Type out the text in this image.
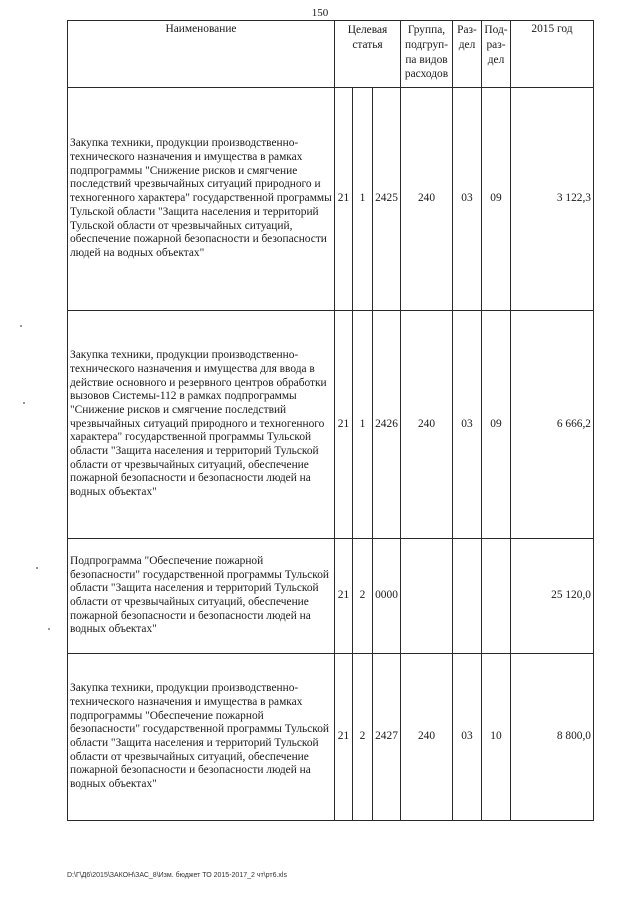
150
Наименование	Целевая статья			Группа, подгруп-па видов расходов	Раз-дел	Под-раз-дел	2015 год
Закупка техники, продукции производственно-технического назначения и имущества в рамках подпрограммы "Снижение рисков и смягчение последствий чрезвычайных ситуаций природного и техногенного характера" государственной программы Тульской области "Защита населения и территорий Тульской области от чрезвычайных ситуаций, обеспечение пожарной безопасности и безопасности людей на водных объектах"	21	1	2425	240	03	09	3 122,3
Закупка техники, продукции производственно-технического назначения и имущества для ввода в действие основного и резервного центров обработки вызовов Системы-112 в рамках подпрограммы "Снижение рисков и смягчение последствий чрезвычайных ситуаций природного и техногенного характера" государственной программы Тульской области "Защита населения и территорий Тульской области от чрезвычайных ситуаций, обеспечение пожарной безопасности и безопасности людей на водных объектах"	21	1	2426	240	03	09	6 666,2
Подпрограмма "Обеспечение пожарной безопасности" государственной программы Тульской области "Защита населения и территорий Тульской области от чрезвычайных ситуаций, обеспечение пожарной безопасности и безопасности людей на водных объектах"	21	2	0000				25 120,0
Закупка техники, продукции производственно-технического назначения и имущества в рамках подпрограммы "Обеспечение пожарной безопасности" государственной программы Тульской области "Защита населения и территорий Тульской области от чрезвычайных ситуаций, обеспечение пожарной безопасности и безопасности людей на водных объектах"	21	2	2427	240	03	10	8 800,0
D:\Г\Д6\2015\ЗАКОН\ЗАС_8\Изм. бюджет ТО 2015-2017_2 чт\рт6.xls
